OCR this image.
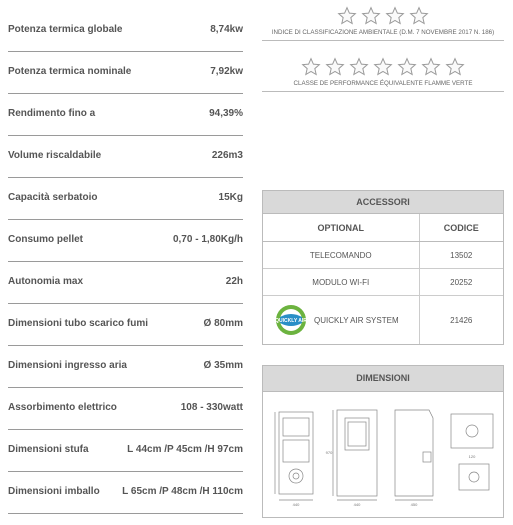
Potenza termica globale	8,74kw
Potenza termica nominale	7,92kw
Rendimento fino a	94,39%
Volume riscaldabile	226m3
Capacità serbatoio	15Kg
Consumo pellet	0,70 - 1,80Kg/h
Autonomia max	22h
Dimensioni tubo scarico fumi	Ø 80mm
Dimensioni ingresso aria	Ø 35mm
Assorbimento elettrico	108 - 330watt
Dimensioni stufa	L 44cm /P 45cm /H 97cm
Dimensioni imballo L 65cm /P 48cm /H 110cm
INDICE DI CLASSIFICAZIONE AMBIENTALE (D.M. 7 NOVEMBRE 2017 N. 186)
CLASSE DE PERFORMANCE ÉQUIVALENTE FLAMME VERTE
ACCESSORI
OPTIONAL	CODICE
TELECOMANDO	13502
MODULO WI-FI	20252

QUICKLY AIR QUICKLY AIR SYSTEM	21426
DIMENSIONI
440	440	450
970
120
